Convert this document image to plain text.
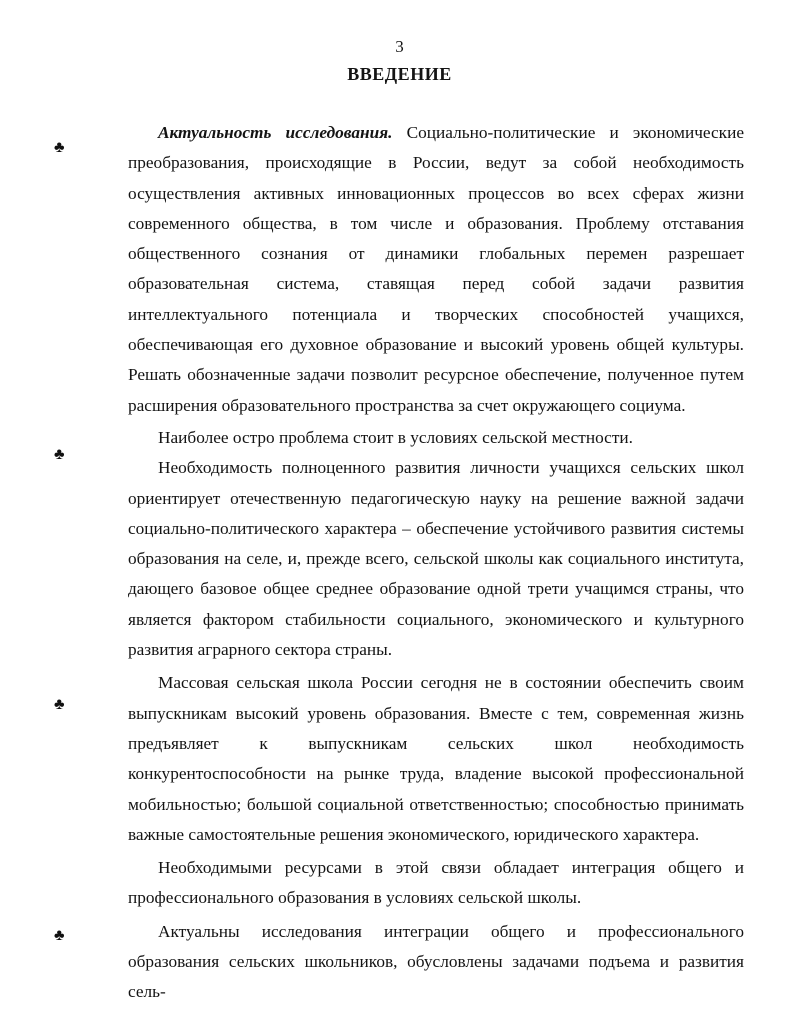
3
ВВЕДЕНИЕ
♣
♣
♣
♣

Актуальность исследования. Социально-политические и экономические преобразования, происходящие в России, ведут за собой необходимость осуществления активных инновационных процессов во всех сферах жизни современного общества, в том числе и образования. Проблему отставания общественного сознания от динамики глобальных перемен разрешает образовательная система, ставящая перед собой задачи развития интеллектуального потенциала и творческих способностей учащихся, обеспечивающая его духовное образование и высокий уровень общей культуры. Решать обозначенные задачи позволит ресурсное обеспечение, полученное путем расширения образовательного пространства за счет окружающего социума.

Наиболее остро проблема стоит в условиях сельской местности.

Необходимость полноценного развития личности учащихся сельских школ ориентирует отечественную педагогическую науку на решение важной задачи социально-политического характера – обеспечение устойчивого развития системы образования на селе, и, прежде всего, сельской школы как социального института, дающего базовое общее среднее образование одной трети учащимся страны, что является фактором стабильности социального, экономического и культурного развития аграрного сектора страны.

Массовая сельская школа России сегодня не в состоянии обеспечить своим выпускникам высокий уровень образования. Вместе с тем, современная жизнь предъявляет к выпускникам сельских школ необходимость конкурентоспособности на рынке труда, владение высокой профессиональной мобильностью; большой социальной ответственностью; способностью принимать важные самостоятельные решения экономического, юридического характера.

Необходимыми ресурсами в этой связи обладает интеграция общего и профессионального образования в условиях сельской школы.

Актуальны исследования интеграции общего и профессионального образования сельских школьников, обусловлены задачами подъема и развития сель-
